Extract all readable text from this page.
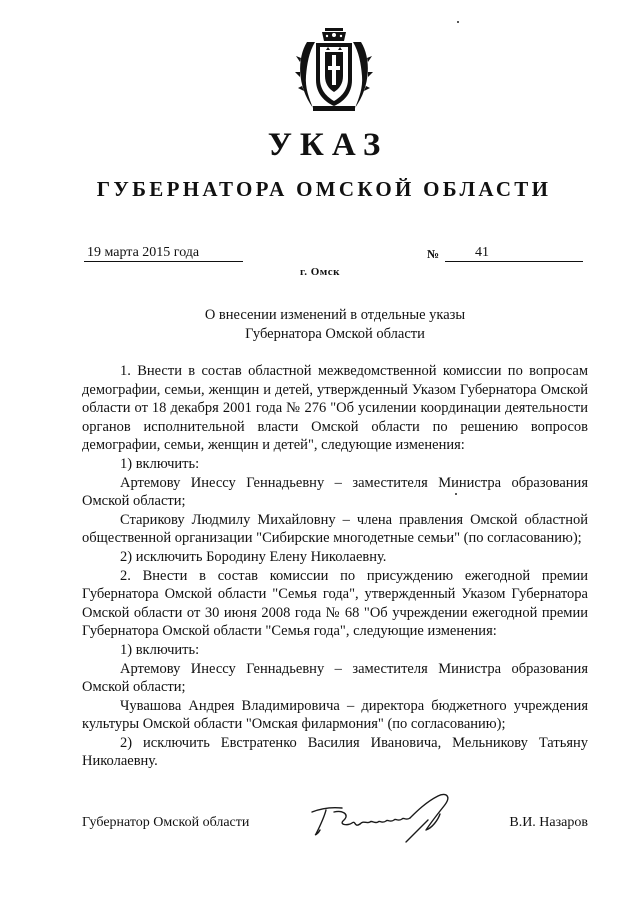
УКАЗ
ГУБЕРНАТОРА ОМСКОЙ ОБЛАСТИ
19 марта 2015 года	№	41
г. Омск
О внесении изменений в отдельные указы
Губернатора Омской области

1. Внести в состав областной межведомственной комиссии по вопросам демографии, семьи, женщин и детей, утвержденный Указом Губернатора Омской области от 18 декабря 2001 года № 276 "Об усилении координации деятельности органов исполнительной власти Омской области по решению вопросов демографии, семьи, женщин и детей", следующие изменения:

1) включить:

Артемову Инессу Геннадьевну – заместителя Министра образования Омской области;

Старикову Людмилу Михайловну – члена правления Омской областной общественной организации "Сибирские многодетные семьи" (по согласованию);

2) исключить Бородину Елену Николаевну.

2. Внести в состав комиссии по присуждению ежегодной премии Губернатора Омской области "Семья года", утвержденный Указом Губернатора Омской области от 30 июня 2008 года № 68 "Об учреждении ежегодной премии Губернатора Омской области "Семья года", следующие изменения:

1) включить:

Артемову Инессу Геннадьевну – заместителя Министра образования Омской области;

Чувашова Андрея Владимировича – директора бюджетного учреждения культуры Омской области "Омская филармония" (по согласованию);

2) исключить Евстратенко Василия Ивановича, Мельникову Татьяну Николаевну.

Губернатор Омской области	В.И. Назаров
